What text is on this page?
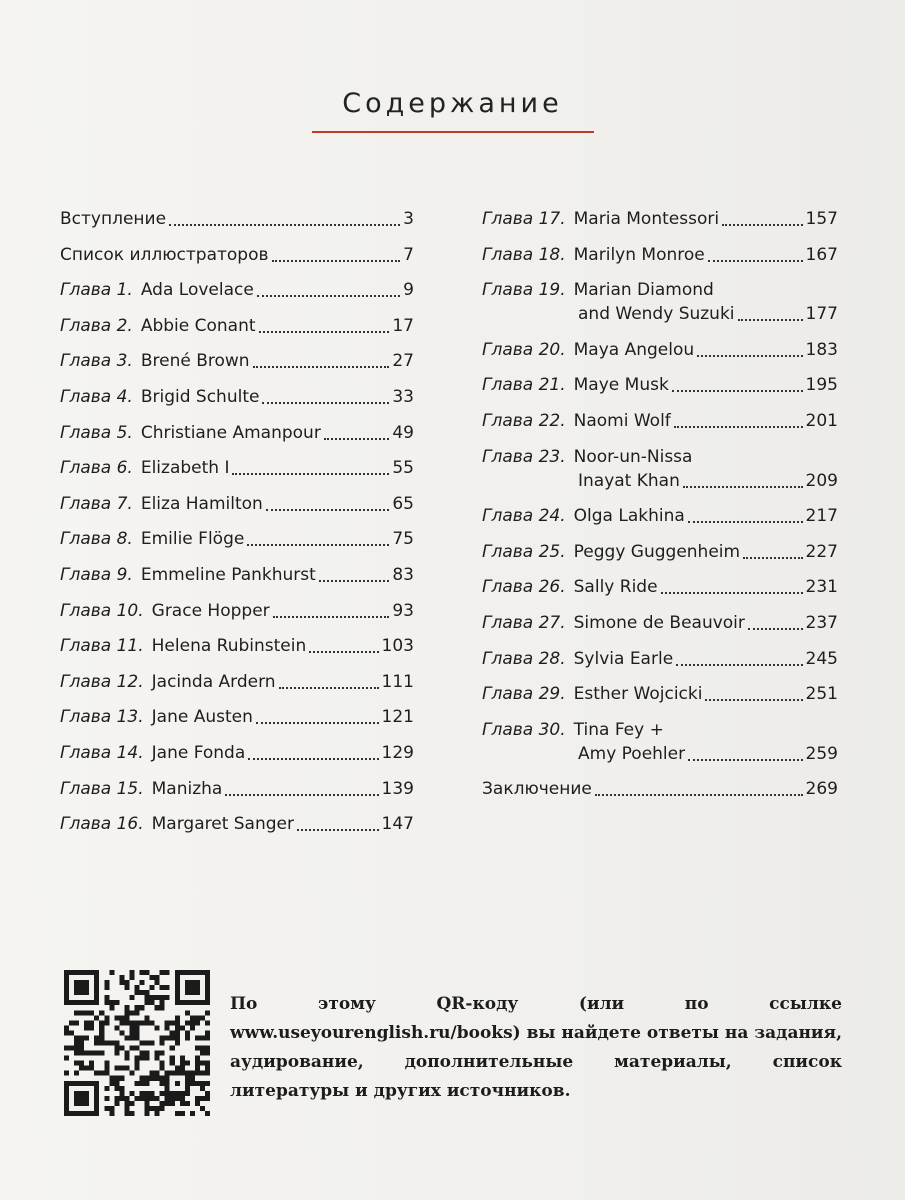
Содержание
Вступление	3
Список иллюстраторов	7
Глава 1. Ada Lovelace	9
Глава 2. Abbie Conant	17
Глава 3. Brené Brown	27
Глава 4. Brigid Schulte	33
Глава 5. Christiane Amanpour	49
Глава 6. Elizabeth I	55
Глава 7. Eliza Hamilton	65
Глава 8. Emilie Flöge	75
Глава 9. Emmeline Pankhurst	83
Глава 10. Grace Hopper	93
Глава 11. Helena Rubinstein	103
Глава 12. Jacinda Ardern	111
Глава 13. Jane Austen	121
Глава 14. Jane Fonda	129
Глава 15. Manizha	139
Глава 16. Margaret Sanger	147
Глава 17. Maria Montessori	157
Глава 18. Marilyn Monroe	167
Глава 19. Marian Diamond
and Wendy Suzuki	177
Глава 20. Maya Angelou	183
Глава 21. Maye Musk	195
Глава 22. Naomi Wolf	201
Глава 23. Noor-un-Nissa
Inayat Khan	209
Глава 24. Olga Lakhina	217
Глава 25. Peggy Guggenheim	227
Глава 26. Sally Ride	231
Глава 27. Simone de Beauvoir	237
Глава 28. Sylvia Earle	245
Глава 29. Esther Wojcicki	251
Глава 30. Tina Fey +
Amy Poehler	259
Заключение	269
По этому QR-коду (или по ссылке www.useyourenglish.ru/books) вы найдете ответы на задания, аудирование, дополнительные материалы, список литературы и других источников.
